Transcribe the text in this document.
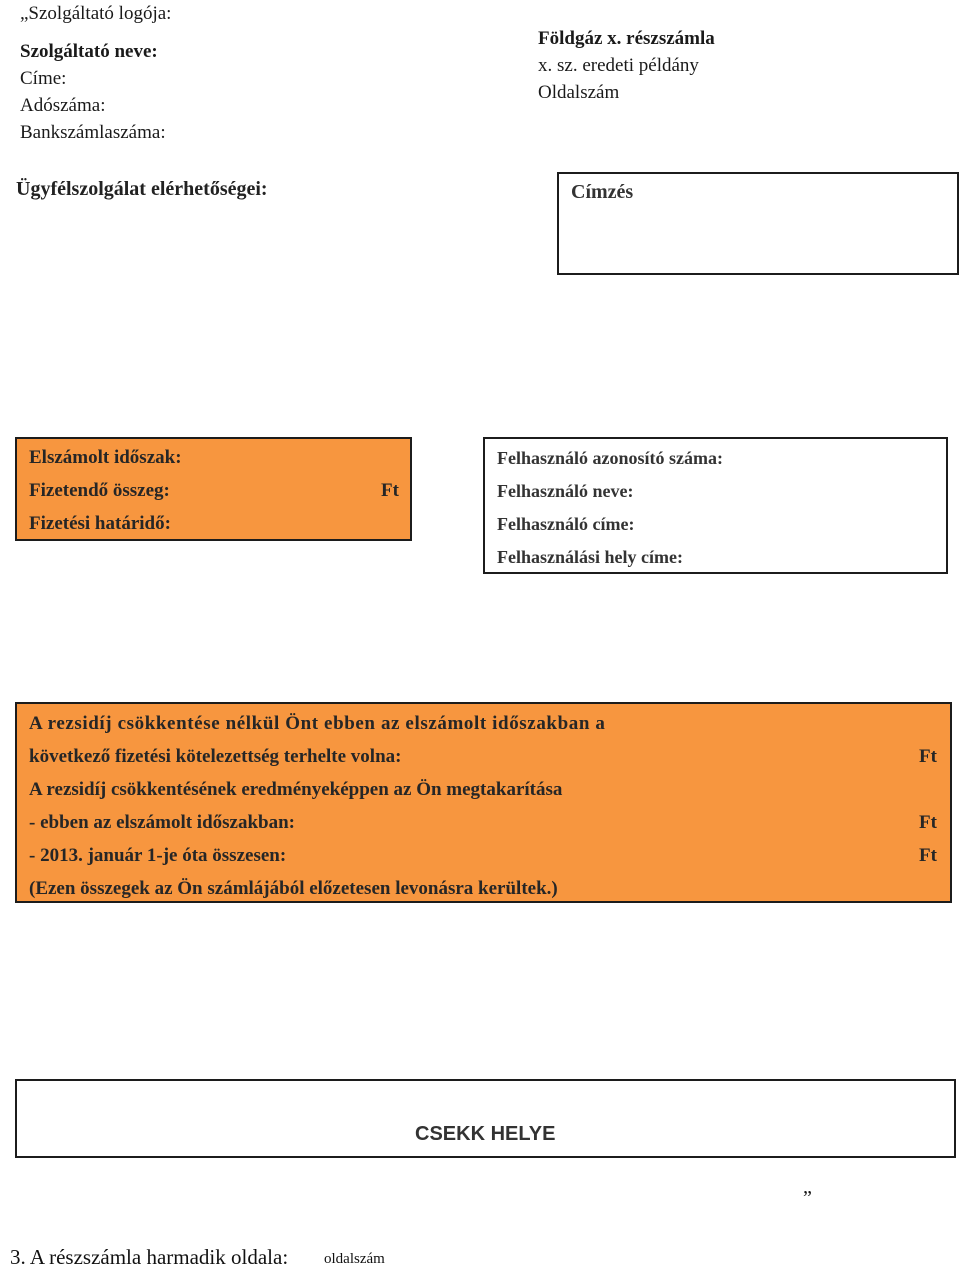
„Szolgáltató logója:
Szolgáltató neve:
Címe:
Adószáma:
Bankszámlaszáma:
Földgáz x. részszámla
x. sz. eredeti példány
Oldalszám
Ügyfélszolgálat elérhetőségei:	Címzés
Elszámolt időszak:
Fizetendő összeg:	Ft
Fizetési határidő:
Felhasználó azonosító száma:
Felhasználó neve:
Felhasználó címe:
Felhasználási hely címe:
A rezsidíj csökkentése nélkül Önt ebben az elszámolt időszakban a
következő fizetési kötelezettség terhelte volna:	Ft
A rezsidíj csökkentésének eredményeképpen az Ön megtakarítása
- ebben az elszámolt időszakban:	Ft
- 2013. január 1-je óta összesen:	Ft
(Ezen összegek az Ön számlájából előzetesen levonásra kerültek.)
CSEKK HELYE
”
3. A részszámla harmadik oldala: oldalszám
